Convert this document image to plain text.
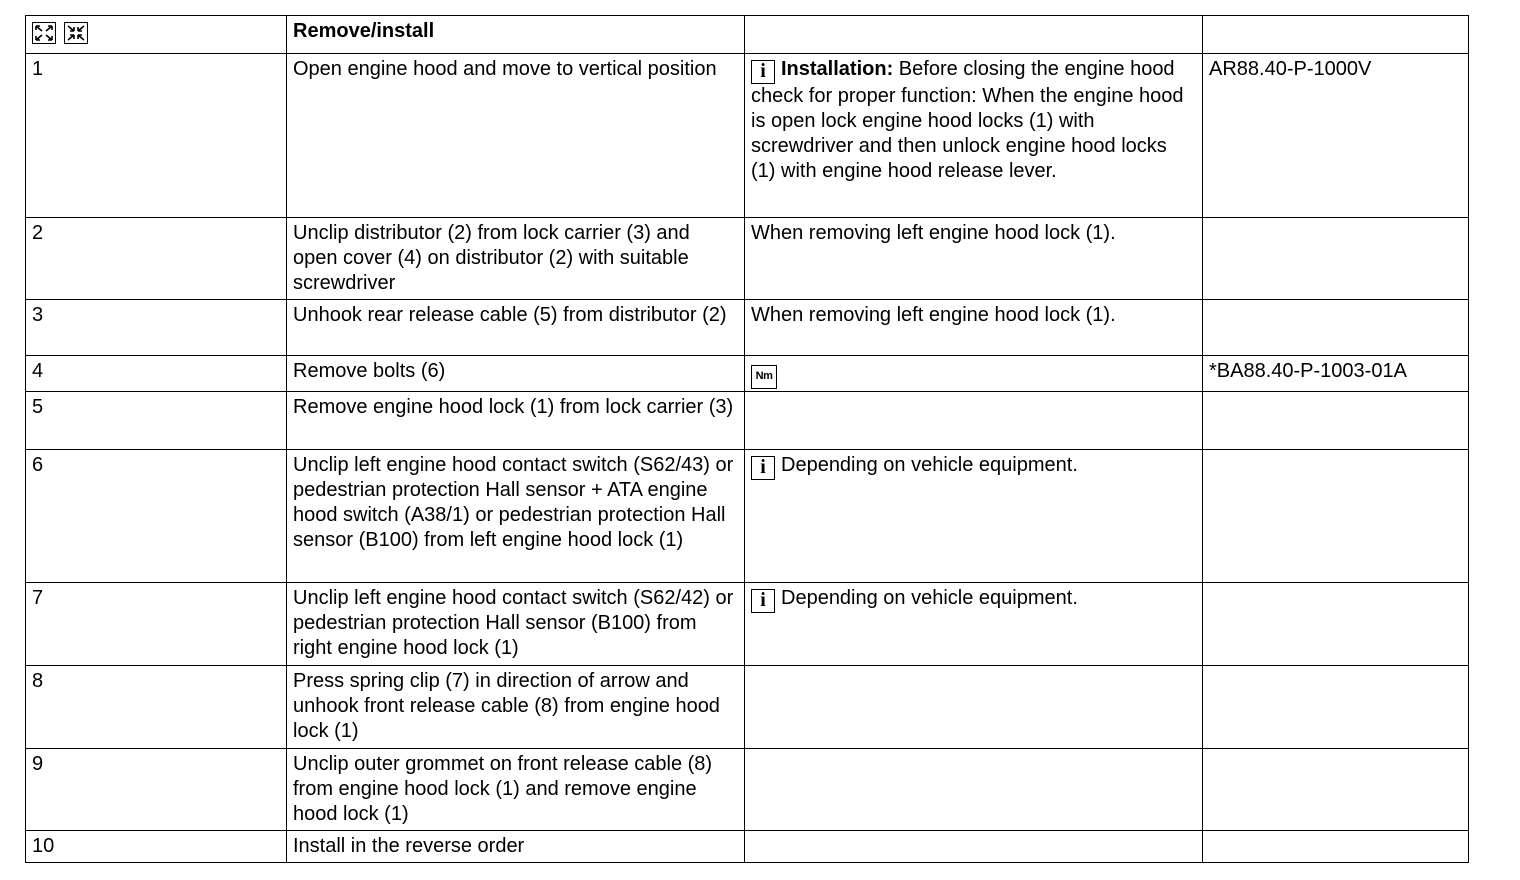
	Remove/install		
1	Open engine hood and move to vertical position	i Installation: Before closing the engine hood check for proper function: When the engine hood is open lock engine hood locks (1) with screwdriver and then unlock engine hood locks (1) with engine hood release lever.	AR88.40-P-1000V
2	Unclip distributor (2) from lock carrier (3) and open cover (4) on distributor (2) with suitable screwdriver	When removing left engine hood lock (1).	
3	Unhook rear release cable (5) from distributor (2)	When removing left engine hood lock (1).	
4	Remove bolts (6)	Nm	*BA88.40-P-1003-01A
5	Remove engine hood lock (1) from lock carrier (3)		
6	Unclip left engine hood contact switch (S62/43) or pedestrian protection Hall sensor + ATA engine hood switch (A38/1) or pedestrian protection Hall sensor (B100) from left engine hood lock (1)	i Depending on vehicle equipment.	
7	Unclip left engine hood contact switch (S62/42) or pedestrian protection Hall sensor (B100) from right engine hood lock (1)	i Depending on vehicle equipment.	
8	Press spring clip (7) in direction of arrow and unhook front release cable (8) from engine hood lock (1)		
9	Unclip outer grommet on front release cable (8) from engine hood lock (1) and remove engine hood lock (1)		
10	Install in the reverse order		
